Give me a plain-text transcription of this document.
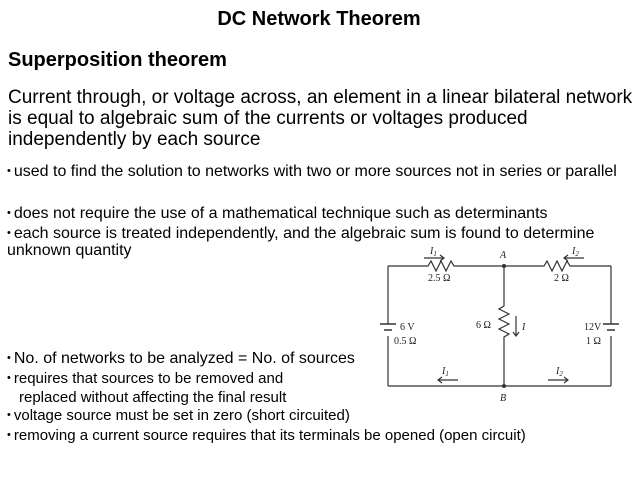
DC Network Theorem
Superposition theorem
Current through, or voltage across, an element in a linear bilateral network is equal to algebraic sum of the currents or voltages produced independently by each source
• used to find the solution to networks with two or more sources not in series or parallel
• does not require the use of a mathematical technique such as determinants
• each source is treated independently, and the algebraic sum is found to determine unknown quantity
• No. of networks to be analyzed = No. of sources
• requires that sources to be removed and
replaced without affecting the final result
• voltage source must be set in zero (short circuited)
• removing a current source requires that its terminals be opened (open circuit)
$I_1$	$I_2$
I
A
B
2.5 Ω	2 Ω
6 Ω
6 V
0.5 Ω
12V
1 Ω
$I_1$	$I_2$
